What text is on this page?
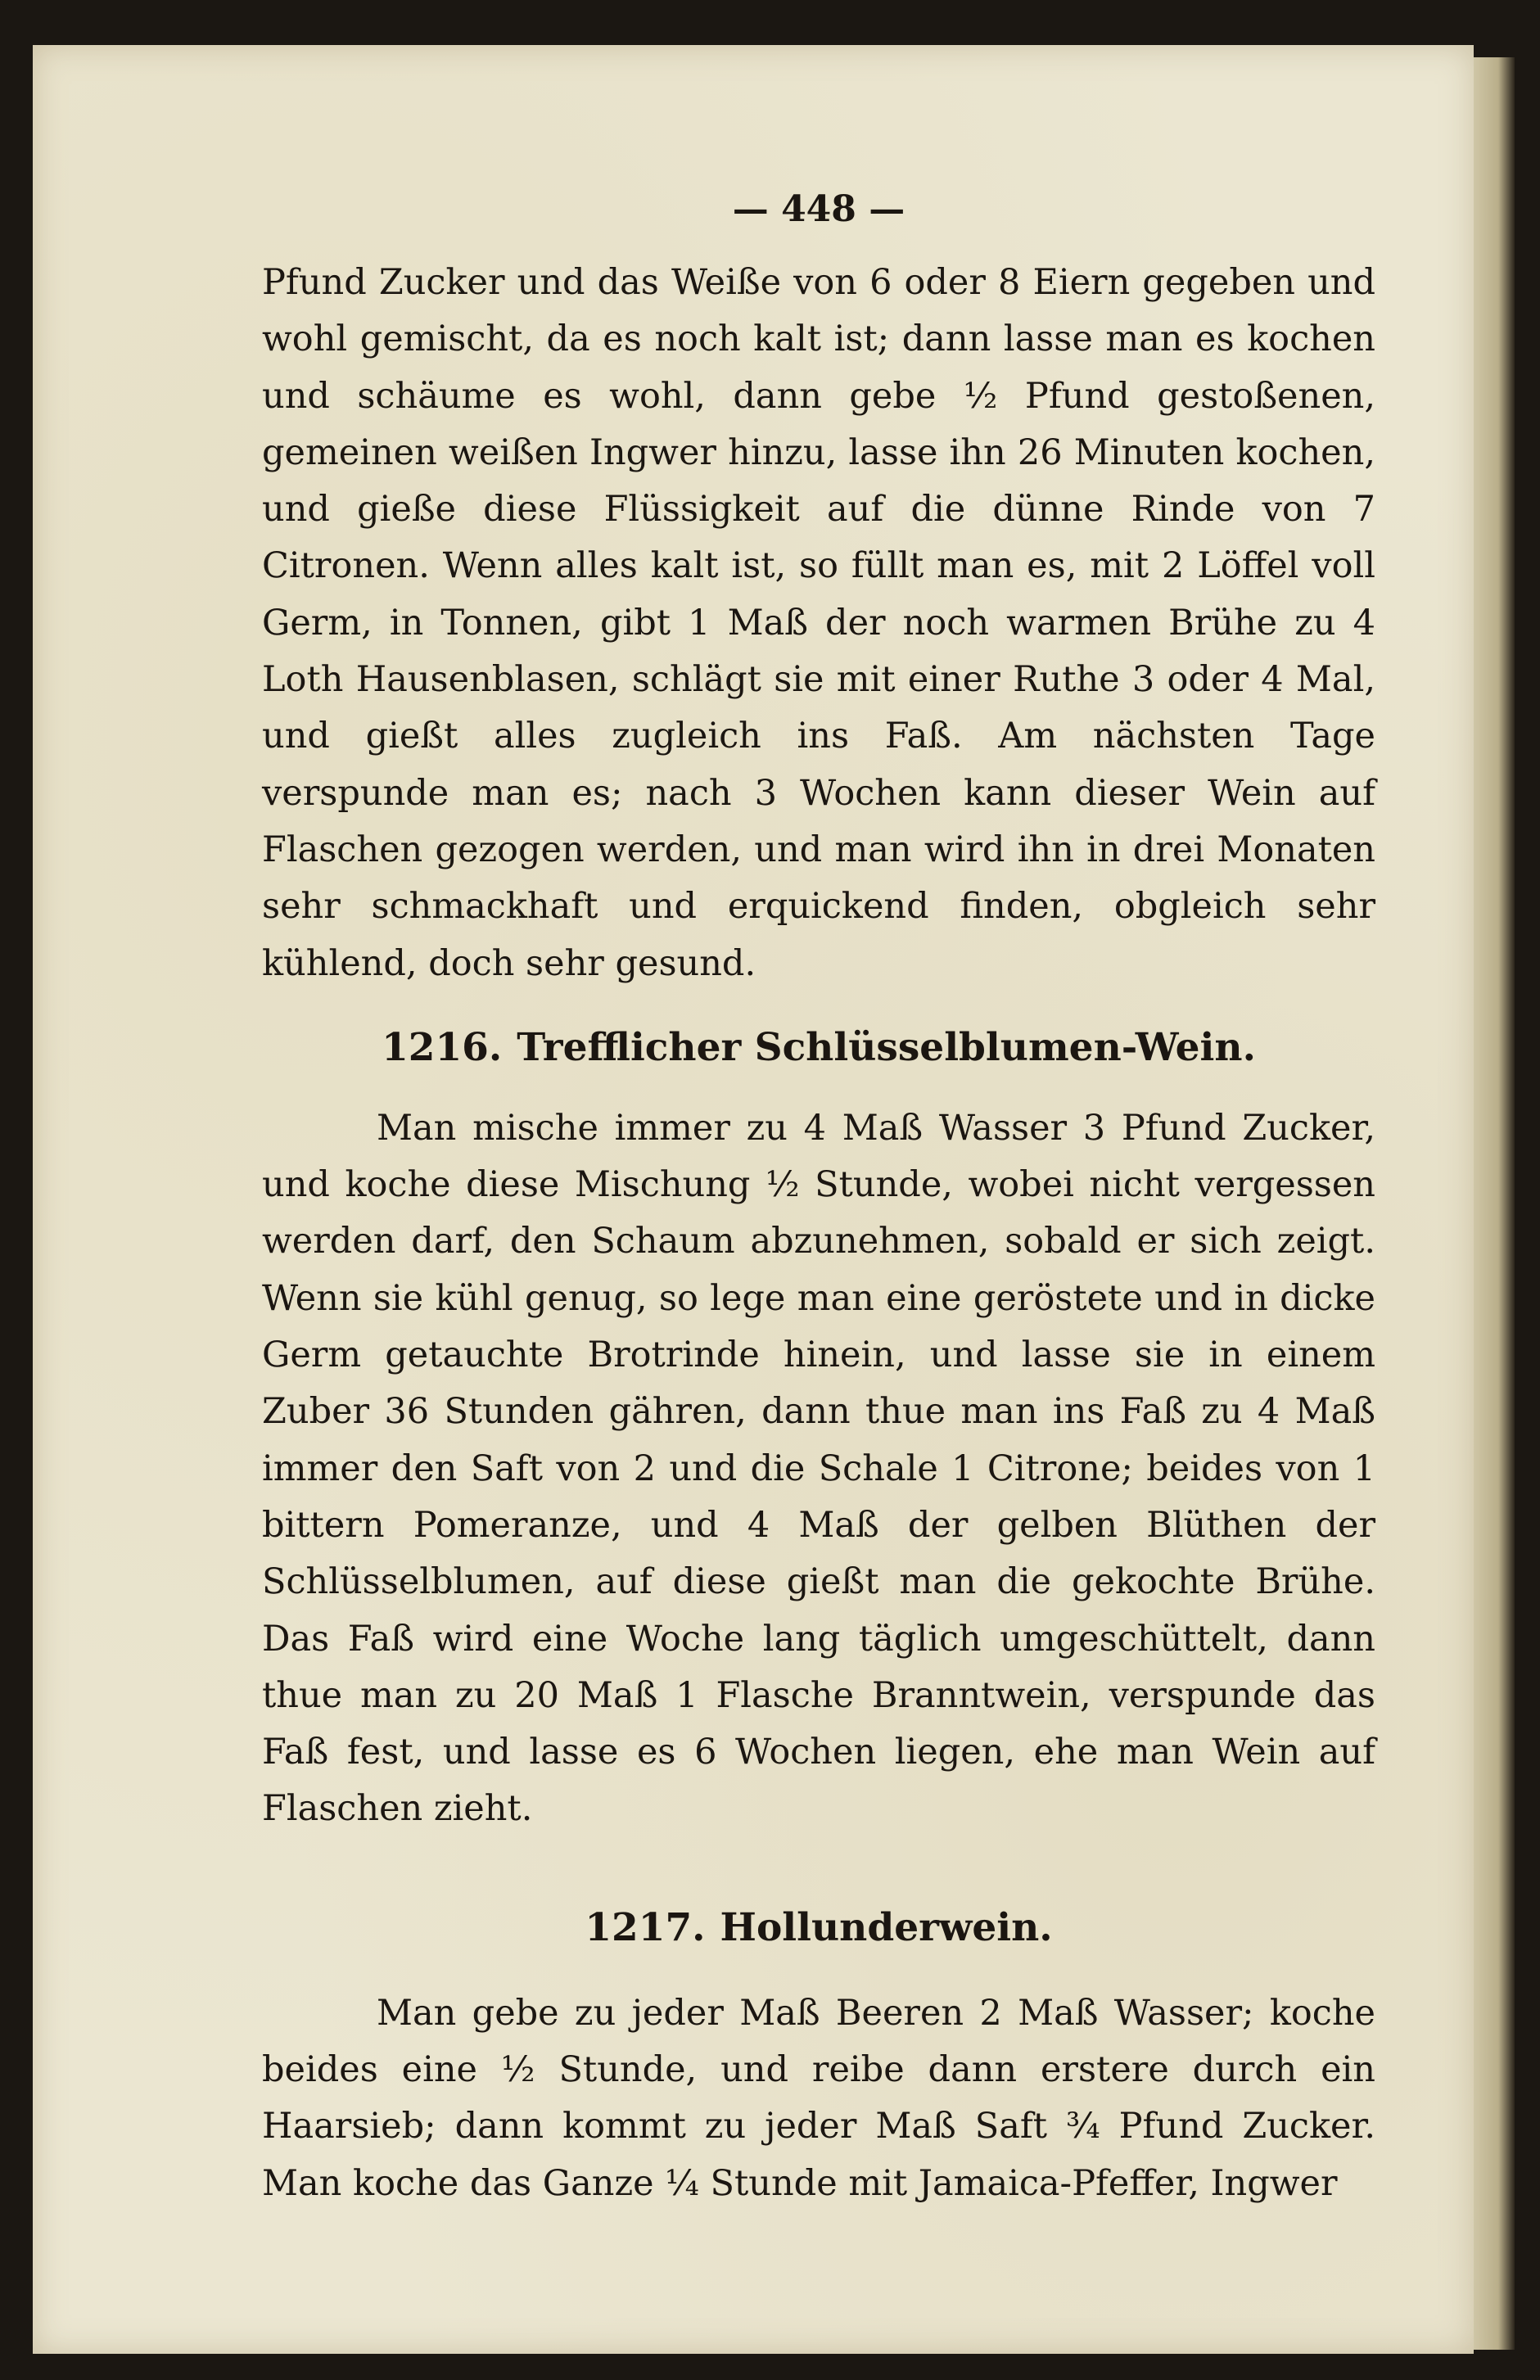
— 448 —

Pfund Zucker und das Weiße von 6 oder 8 Eiern gegeben und wohl gemischt, da es noch kalt ist; dann lasse man es kochen und schäume es wohl, dann gebe ½ Pfund gestoßenen, gemeinen weißen Ingwer hinzu, lasse ihn 26 Minuten kochen, und gieße diese Flüssigkeit auf die dünne Rinde von 7 Citronen. Wenn alles kalt ist, so füllt man es, mit 2 Löffel voll Germ, in Tonnen, gibt 1 Maß der noch warmen Brühe zu 4 Loth Hausenblasen, schlägt sie mit einer Ruthe 3 oder 4 Mal, und gießt alles zugleich ins Faß. Am nächsten Tage verspunde man es; nach 3 Wochen kann dieser Wein auf Flaschen gezogen werden, und man wird ihn in drei Monaten sehr schmackhaft und erquickend finden, obgleich sehr kühlend, doch sehr gesund.

1216. Trefflicher Schlüsselblumen-Wein.

Man mische immer zu 4 Maß Wasser 3 Pfund Zucker, und koche diese Mischung ½ Stunde, wobei nicht vergessen werden darf, den Schaum abzunehmen, sobald er sich zeigt. Wenn sie kühl genug, so lege man eine geröstete und in dicke Germ getauchte Brotrinde hinein, und lasse sie in einem Zuber 36 Stunden gähren, dann thue man ins Faß zu 4 Maß immer den Saft von 2 und die Schale 1 Citrone; beides von 1 bittern Pomeranze, und 4 Maß der gelben Blüthen der Schlüsselblumen, auf diese gießt man die gekochte Brühe. Das Faß wird eine Woche lang täglich umgeschüttelt, dann thue man zu 20 Maß 1 Flasche Branntwein, verspunde das Faß fest, und lasse es 6 Wochen liegen, ehe man Wein auf Flaschen zieht.

1217. Hollunderwein.

Man gebe zu jeder Maß Beeren 2 Maß Wasser; koche beides eine ½ Stunde, und reibe dann erstere durch ein Haarsieb; dann kommt zu jeder Maß Saft ¾ Pfund Zucker. Man koche das Ganze ¼ Stunde mit Jamaica-Pfeffer, Ingwer
